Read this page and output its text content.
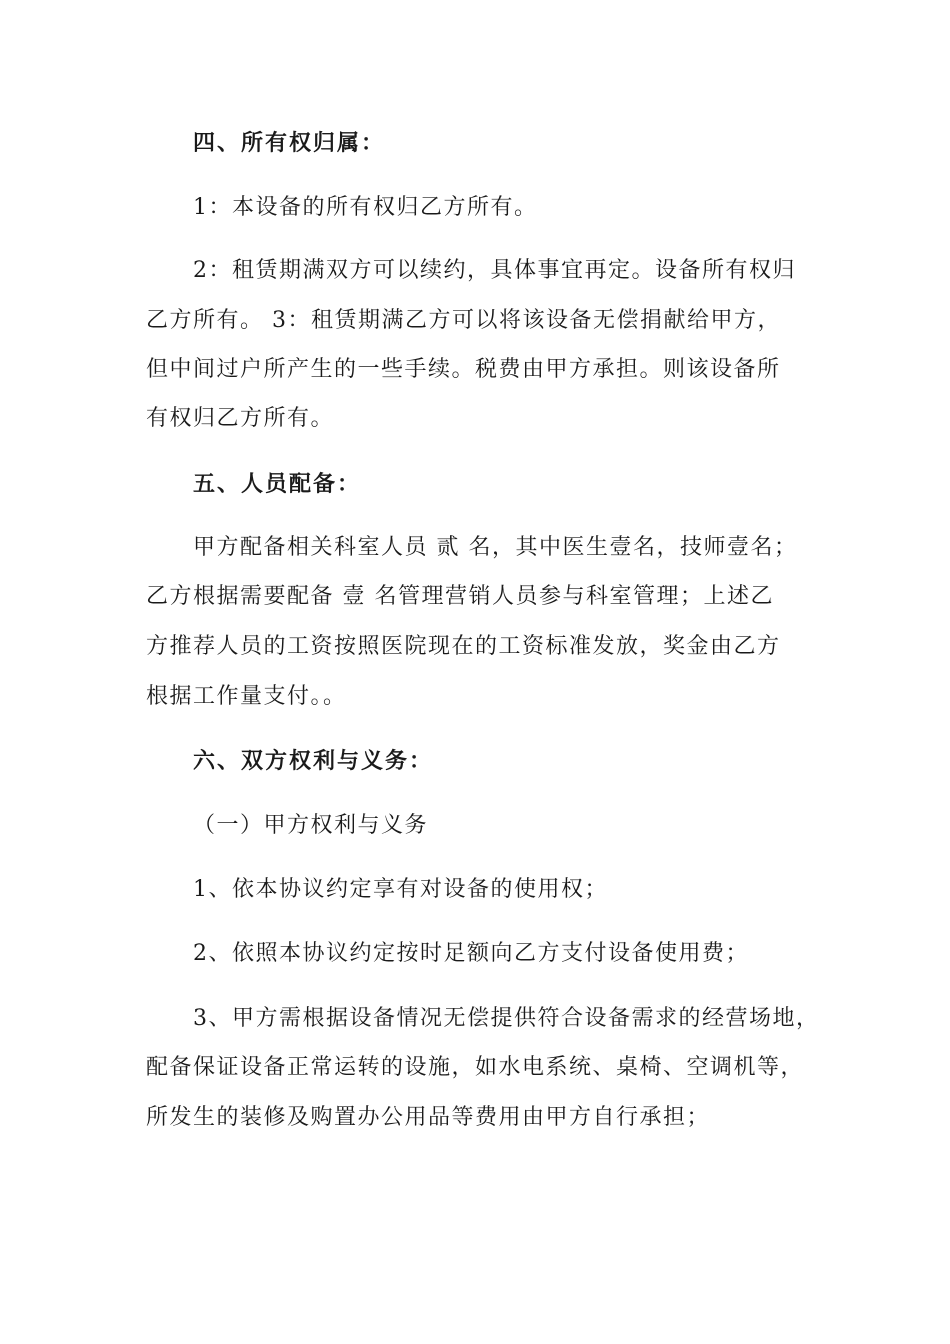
四、所有权归属：
1：本设备的所有权归乙方所有。
2：租赁期满双方可以续约，具体事宜再定。设备所有权归
乙方所有。 3：租赁期满乙方可以将该设备无偿捐献给甲方，
但中间过户所产生的一些手续。税费由甲方承担。则该设备所
有权归乙方所有。
五、人员配备：
甲方配备相关科室人员 贰 名，其中医生壹名，技师壹名；
乙方根据需要配备 壹 名管理营销人员参与科室管理；上述乙
方推荐人员的工资按照医院现在的工资标准发放，奖金由乙方
根据工作量支付。。
六、双方权利与义务：
（一）甲方权利与义务
1、依本协议约定享有对设备的使用权；
2、依照本协议约定按时足额向乙方支付设备使用费；
3、甲方需根据设备情况无偿提供符合设备需求的经营场地，
配备保证设备正常运转的设施，如水电系统、桌椅、空调机等，
所发生的装修及购置办公用品等费用由甲方自行承担；
